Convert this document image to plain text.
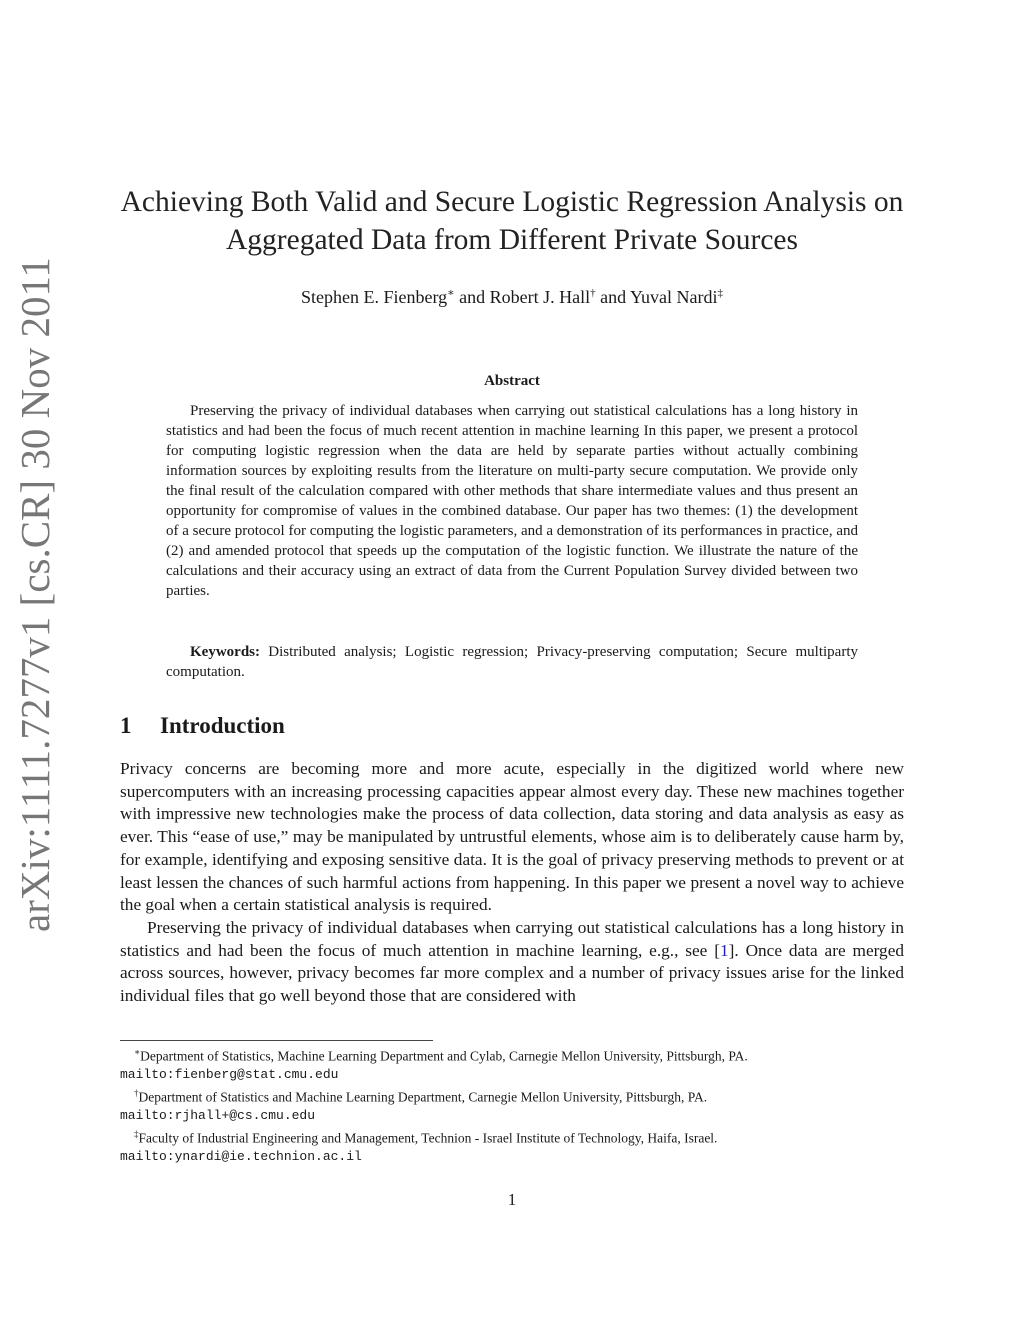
arXiv:1111.7277v1 [cs.CR] 30 Nov 2011
Achieving Both Valid and Secure Logistic Regression Analysis on
Aggregated Data from Different Private Sources
Stephen E. Fienberg∗ and Robert J. Hall† and Yuval Nardi‡
Abstract

Preserving the privacy of individual databases when carrying out statistical calculations has a long history in statistics and had been the focus of much recent attention in machine learning In this paper, we present a protocol for computing logistic regression when the data are held by separate parties without actually combining information sources by exploiting results from the literature on multi-party secure computation. We provide only the final result of the calculation compared with other methods that share intermediate values and thus present an opportunity for compromise of values in the combined database. Our paper has two themes: (1) the development of a secure protocol for computing the logistic parameters, and a demonstration of its performances in practice, and (2) and amended protocol that speeds up the computation of the logistic function. We illustrate the nature of the calculations and their accuracy using an extract of data from the Current Population Survey divided between two parties.

Keywords: Distributed analysis; Logistic regression; Privacy-preserving computation; Secure multiparty computation.

1 Introduction

Privacy concerns are becoming more and more acute, especially in the digitized world where new supercomputers with an increasing processing capacities appear almost every day. These new machines together with impressive new technologies make the process of data collection, data storing and data analysis as easy as ever. This “ease of use,” may be manipulated by untrustful elements, whose aim is to deliberately cause harm by, for example, identifying and exposing sensitive data. It is the goal of privacy preserving methods to prevent or at least lessen the chances of such harmful actions from happening. In this paper we present a novel way to achieve the goal when a certain statistical analysis is required.

Preserving the privacy of individual databases when carrying out statistical calculations has a long history in statistics and had been the focus of much attention in machine learning, e.g., see [1]. Once data are merged across sources, however, privacy becomes far more complex and a number of privacy issues arise for the linked individual files that go well beyond those that are considered with

∗Department of Statistics, Machine Learning Department and Cylab, Carnegie Mellon University, Pittsburgh, PA.
mailto:fienberg@stat.cmu.edu

†Department of Statistics and Machine Learning Department, Carnegie Mellon University, Pittsburgh, PA.
mailto:rjhall+@cs.cmu.edu

‡Faculty of Industrial Engineering and Management, Technion - Israel Institute of Technology, Haifa, Israel.
mailto:ynardi@ie.technion.ac.il

1
